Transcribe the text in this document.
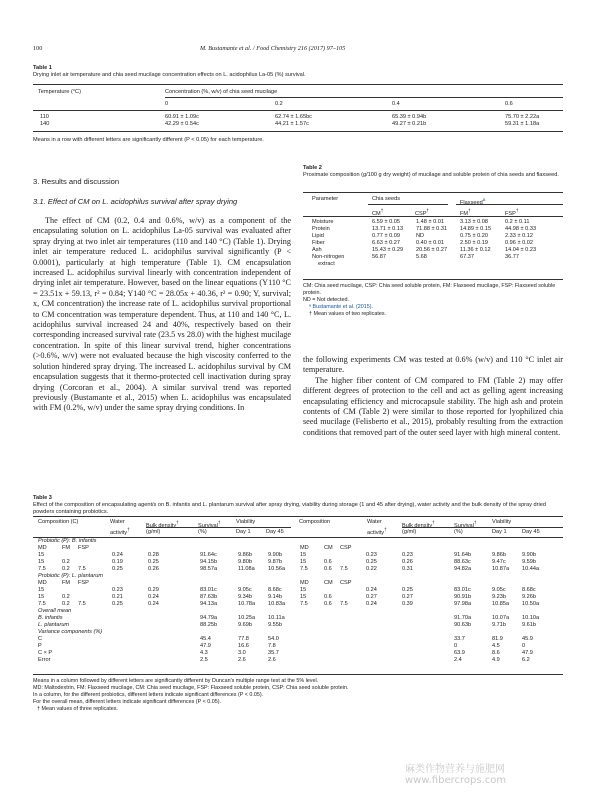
100	M. Bustamante et al. / Food Chemistry 216 (2017) 97–105
Table 1
Drying inlet air temperature and chia seed mucilage concentration effects on L. acidophilus La-05 (%) survival.
Temperature (°C)	Concentration (%, w/v) of chia seed mucilage
0	0.2	0.4	0.6
110	60.91 ± 1.09c	62.74 ± 1.65bc	65.39 ± 0.94b	75.70 ± 2.22a
140	42.29 ± 0.54c	44.21 ± 1.57c	49.27 ± 0.21b	59.31 ± 1.18a
Means in a row with different letters are significantly different (P < 0.05) for each temperature.
3. Results and discussion
3.1. Effect of CM on L. acidophilus survival after spray drying

The effect of CM (0.2, 0.4 and 0.6%, w/v) as a component of the encapsulating solution on L. acidophilus La-05 survival was evaluated after spray drying at two inlet air temperatures (110 and 140 °C) (Table 1). Drying inlet air temperature reduced L. acidophilus survival significantly (P < 0.0001), particularly at high temperature (Table 1). CM encapsulation increased L. acidophilus survival linearly with concentration independent of drying inlet air temperature. However, based on the linear equations (Y110 °C = 23.51x + 59.13, r² = 0.84; Y140 °C = 28.05x + 40.36, r² = 0.90; Y, survival; x, CM concentration) the increase rate of L. acidophilus survival proportional to CM concentration was temperature dependent. Thus, at 110 and 140 °C, L. acidophilus survival increased 24 and 40%, respectively based on their corresponding increased survival rate (23.5 vs 28.0) with the highest mucilage concentration. In spite of this linear survival trend, higher concentrations (>0.6%, w/v) were not evaluated because the high viscosity conferred to the solution hindered spray drying. The increased L. acidophilus survival by CM encapsulation suggests that it thermo-protected cell inactivation during spray drying (Corcoran et al., 2004). A similar survival trend was reported previously (Bustamante et al., 2015) when L. acidophilus was encapsulated with FM (0.2%, w/v) under the same spray drying conditions. In

Table 2
Proximate composition (g/100 g dry weight) of mucilage and soluble protein of chia seeds and flaxseed.
Parameter	Chia seeds
Flaxseed$^a$
CM†
CSP†
FM†
FSP†
Moisture	6.59 ± 0.05	1.48 ± 0.01	3.13 ± 0.08	0.2 ± 0.11
Protein	13.71 ± 0.13	71.88 ± 0.31	14.89 ± 0.15	44.98 ± 0.33
Lipid	0.77 ± 0.09	ND	0.75 ± 0.20	2.33 ± 0.12
Fiber	6.63 ± 0.27	0.40 ± 0.01	2.50 ± 0.19	0.96 ± 0.02
Ash	15.43 ± 0.29	20.56 ± 0.27	11.36 ± 0.12	14.04 ± 0.23
Non-nitrogen	56.87	5.68	67.37	36.77
extract				
CM: Chia seed mucilage, CSP: Chia seed soluble protein, FM: Flaxseed mucilage, FSP: Flaxseed soluble protein.
ND = Not detected.
ᵃ Bustamante et al. (2015).
† Mean values of two replicates.

the following experiments CM was tested at 0.6% (w/v) and 110 °C inlet air temperature.

The higher fiber content of CM compared to FM (Table 2) may offer different degrees of protection to the cell and act as gelling agent increasing encapsulating efficiency and microcapsule stability. The high ash and protein contents of CM (Table 2) were similar to those reported for lyophilized chia seed mucilage (Felisberto et al., 2015), probably resulting from the extraction conditions that removed part of the outer seed layer with high mineral content.

Table 3
Effect of the composition of encapsulating agent/s on B. infantis and L. plantarum survival after spray drying, viability during storage (1 and 45 after drying), water activity and the bulk density of the spray dried powders containing probiotics.
Composition (C)	Water activity†
Bulk density†
Survival†	Viability	Composition	Water activity†
Bulk density†
Survival†	Viability
(g/ml)	(%)	Day 1	Day 45	(g/ml)	(%)	Day 1	Day 45
Probiotic (P): B. infantis															
MD	FM	FSP						MD	CM	CSP					
15			0.24	0.28	91.64c	9.86b	9.90b	15			0.23	0.23	91.64b	9.86b	9.90b
15	0.2		0.19	0.25	94.15b	9.80b	9.87b	15	0.6		0.25	0.26	88.63c	9.47c	9.59b
7.5	0.2	7.5	0.25	0.26	98.57a	11.08a	10.56a	7.5	0.6	7.5	0.22	0.31	94.82a	10.87a	10.44a
Probiotic (P): L. plantarum															
MD	FM	FSP						MD	CM	CSP					
15			0.23	0.29	83.01c	9.05c	8.68c	15			0.24	0.25	83.01c	9.05c	8.68c
15	0.2		0.21	0.24	87.63b	9.34b	9.14b	15	0.6		0.27	0.27	90.91b	9.23b	9.26b
7.5	0.2	7.5	0.25	0.24	94.13a	10.78a	10.83a	7.5	0.6	7.5	0.24	0.39	97.98a	10.85a	10.50a
Overall mean															
B. infantis					94.79a	10.25a	10.11a						91.70a	10.07a	10.10a
L. plantarum					88.25b	9.69b	9.55b						90.63b	9.71b	9.61b
Variance components (%)															
C					45.4	77.8	54.0						33.7	81.9	45.9
P					47.9	16.6	7.8						0	4.5	0
C × P					4.3	3.0	35.7						63.9	8.6	47.9
Error					2.5	2.6	2.6						2.4	4.9	6.2
Means in a column followed by different letters are significantly different by Duncan's multiple range test at the 5% level.
MD: Maltodextrin, FM: Flaxseed mucilage, CM: Chia seed mucilage, FSP: Flaxseed soluble protein, CSP: Chia seed soluble protein.
In a column, for the different probiotics, different letters indicate significant differences (P < 0.05).
For the overall mean, different letters indicate significant differences (P < 0.05).
† Mean values of three replicates.
麻类作物营养与施肥网 www.fibercrops.com
